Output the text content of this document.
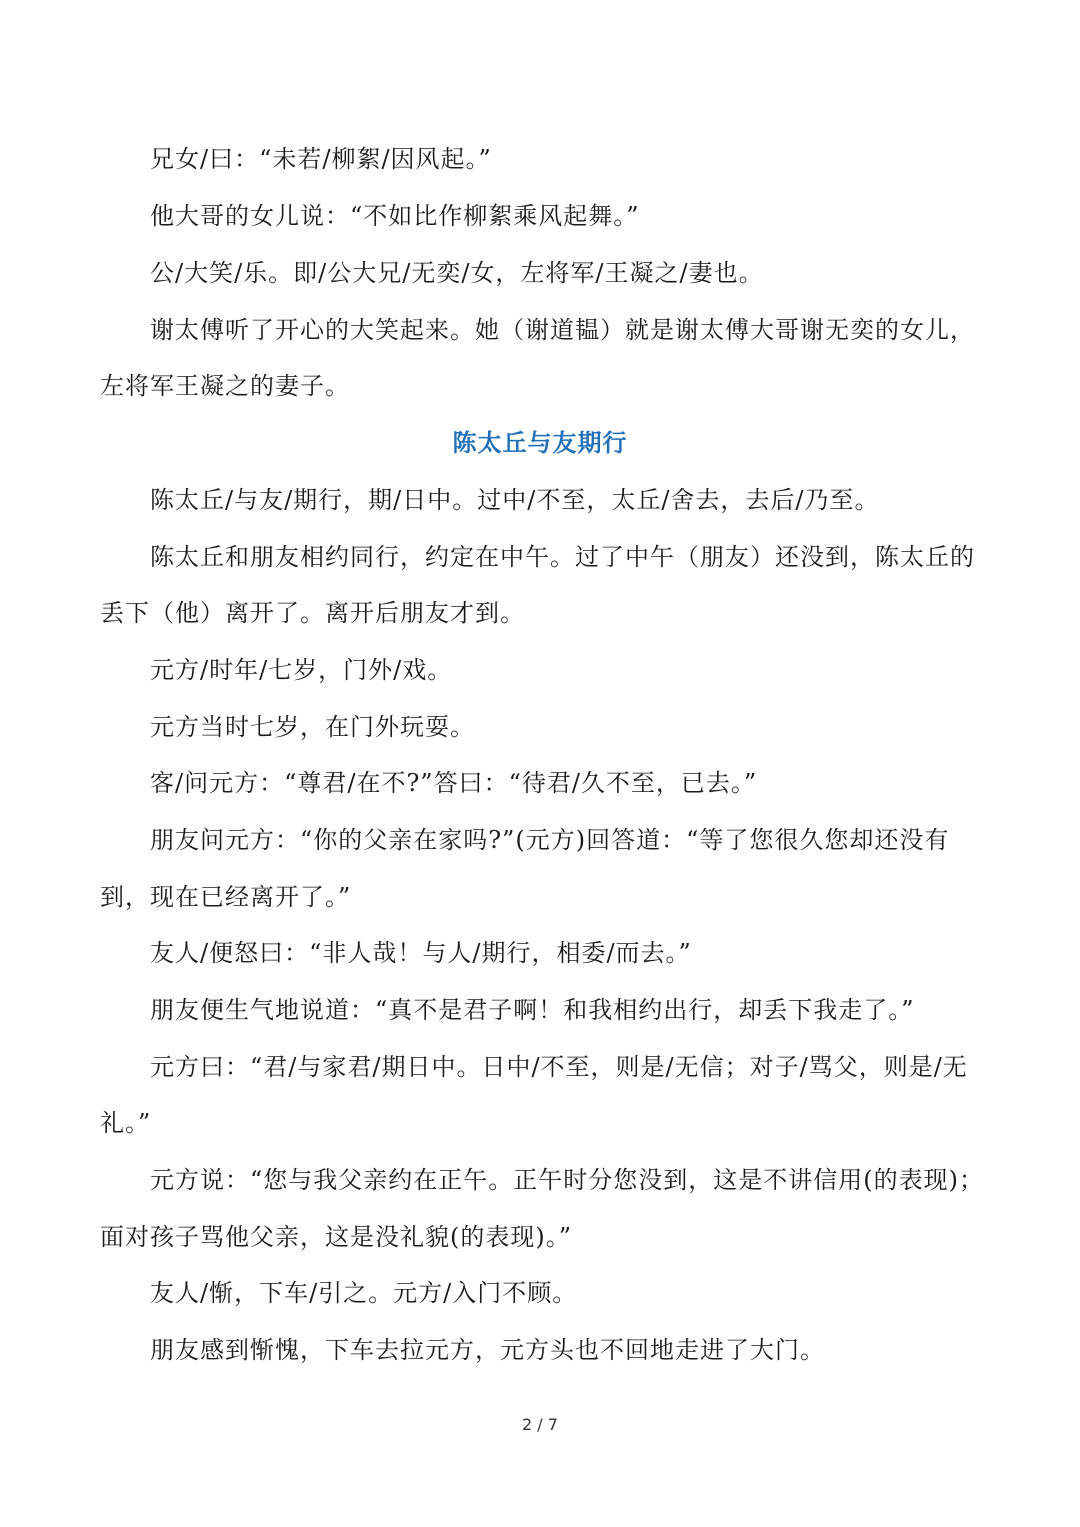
兄女/曰：“未若/柳絮/因风起。”
他大哥的女儿说：“不如比作柳絮乘风起舞。”
公/大笑/乐。即/公大兄/无奕/女，左将军/王凝之/妻也。
谢太傅听了开心的大笑起来。她（谢道韫）就是谢太傅大哥谢无奕的女儿，
左将军王凝之的妻子。
陈太丘与友期行
陈太丘/与友/期行，期/日中。过中/不至，太丘/舍去，去后/乃至。
陈太丘和朋友相约同行，约定在中午。过了中午（朋友）还没到，陈太丘的
丢下（他）离开了。离开后朋友才到。
元方/时年/七岁，门外/戏。
元方当时七岁，在门外玩耍。
客/问元方：“尊君/在不?”答曰：“待君/久不至，已去。”
朋友问元方：“你的父亲在家吗?”(元方)回答道：“等了您很久您却还没有
到，现在已经离开了。”
友人/便怒曰：“非人哉！与人/期行，相委/而去。”
朋友便生气地说道：“真不是君子啊！和我相约出行，却丢下我走了。”
元方曰：“君/与家君/期日中。日中/不至，则是/无信；对子/骂父，则是/无
礼。”
元方说：“您与我父亲约在正午。正午时分您没到，这是不讲信用(的表现)；
面对孩子骂他父亲，这是没礼貌(的表现)。”
友人/惭，下车/引之。元方/入门不顾。
朋友感到惭愧，下车去拉元方，元方头也不回地走进了大门。
2 / 7
